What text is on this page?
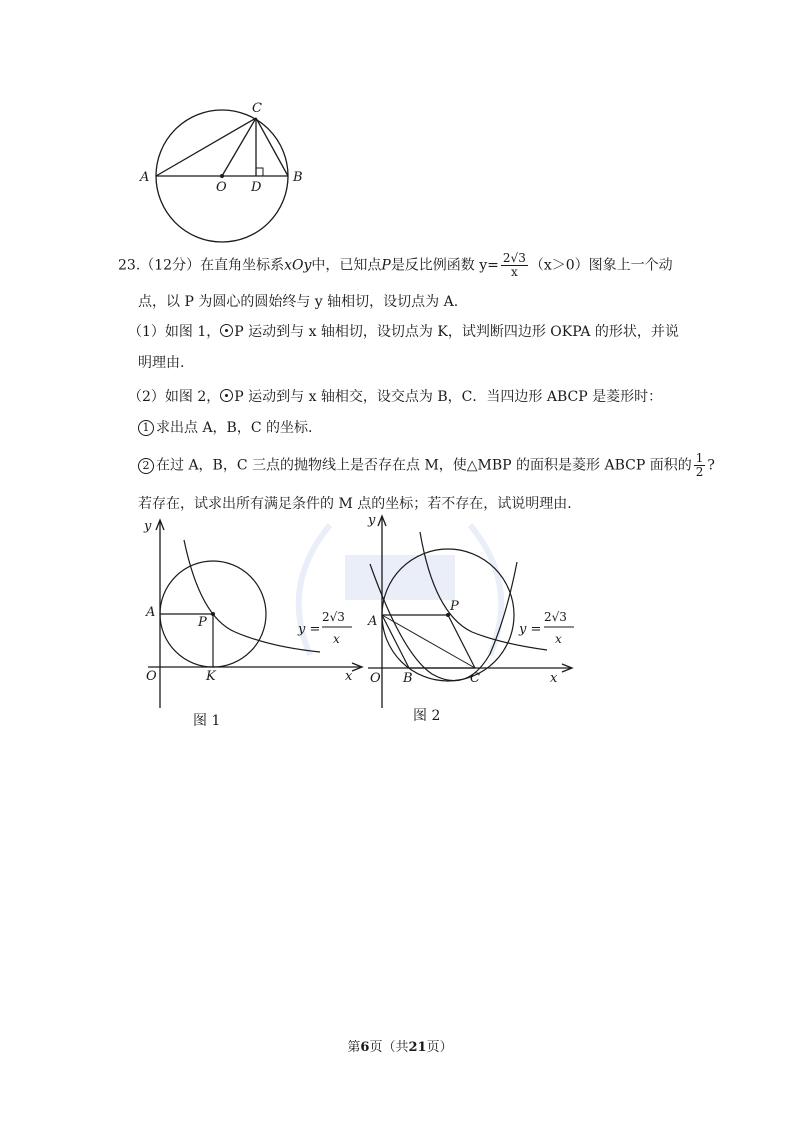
C
A
O D
B
23.（12分）在直角坐标系xOy中，已知点P是反比例函数 $y= \frac{2√3}{x} (x>0)$图象上一个动
点，以 P 为圆心的圆始终与 y 轴相切，设切点为 A.
（1）如图 1， P 运动到与 x 轴相切，设切点为 K，试判断四边形 OKPA 的形状，并说
明理由.
（2）如图 2， P 运动到与 x 轴相交，设交点为 B，C．当四边形 ABCP 是菱形时：
1 求出点 A，B，C 的坐标.
2 在过 A，B，C 三点的抛物线上是否存在点 M，使△MBP 的面积是菱形 ABCP 面积的 $\frac{1}{2}$ ?
若存在，试求出所有满足条件的 M 点的坐标；若不存在，试说明理由.
y
A
P
O	K	x
y =
2√3
x
图 1
y
A
P
O B	C	x
y =
2√3
x
图 2
第6页（共21页）
